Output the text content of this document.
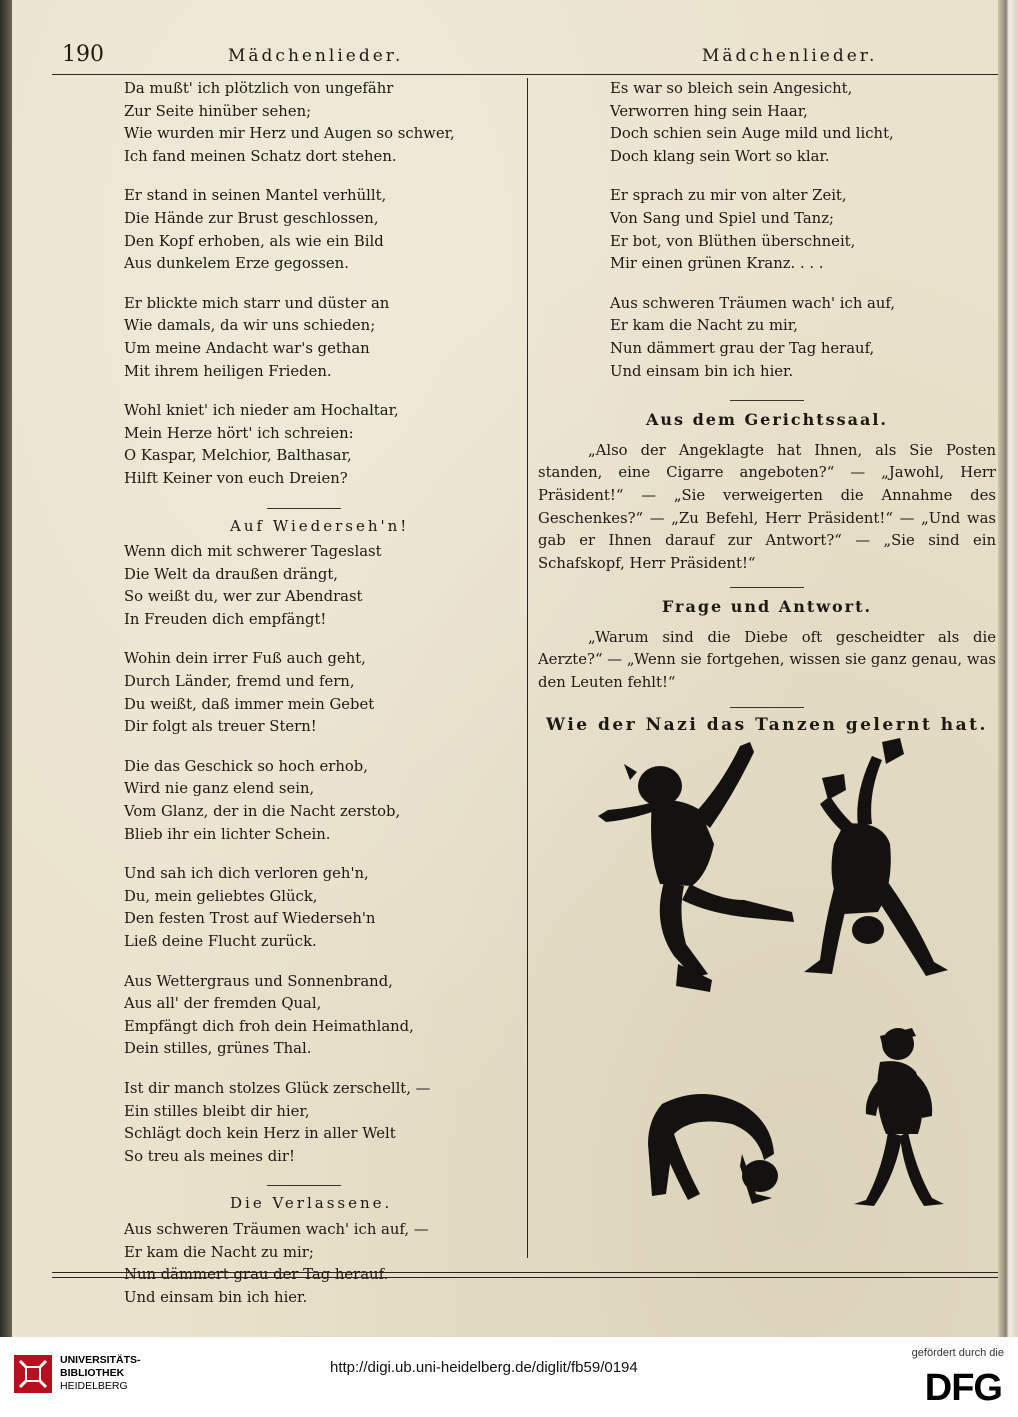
190	Mädchenlieder.	Mädchenlieder.
Da mußt' ich plötzlich von ungefähr
Zur Seite hinüber sehen;
Wie wurden mir Herz und Augen so schwer,
Ich fand meinen Schatz dort stehen.
Er stand in seinen Mantel verhüllt,
Die Hände zur Brust geschlossen,
Den Kopf erhoben, als wie ein Bild
Aus dunkelem Erze gegossen.
Er blickte mich starr und düster an
Wie damals, da wir uns schieden;
Um meine Andacht war's gethan
Mit ihrem heiligen Frieden.
Wohl kniet' ich nieder am Hochaltar,
Mein Herze hört' ich schreien:
O Kaspar, Melchior, Balthasar,
Hilft Keiner von euch Dreien?
Auf Wiederseh'n!
Wenn dich mit schwerer Tageslast
Die Welt da draußen drängt,
So weißt du, wer zur Abendrast
In Freuden dich empfängt!
Wohin dein irrer Fuß auch geht,
Durch Länder, fremd und fern,
Du weißt, daß immer mein Gebet
Dir folgt als treuer Stern!
Die das Geschick so hoch erhob,
Wird nie ganz elend sein,
Vom Glanz, der in die Nacht zerstob,
Blieb ihr ein lichter Schein.
Und sah ich dich verloren geh'n,
Du, mein geliebtes Glück,
Den festen Trost auf Wiederseh'n
Ließ deine Flucht zurück.
Aus Wettergraus und Sonnenbrand,
Aus all' der fremden Qual,
Empfängt dich froh dein Heimathland,
Dein stilles, grünes Thal.
Ist dir manch stolzes Glück zerschellt, —
Ein stilles bleibt dir hier,
Schlägt doch kein Herz in aller Welt
So treu als meines dir!
Die Verlassene.
Aus schweren Träumen wach' ich auf, —
Er kam die Nacht zu mir;
Nun dämmert grau der Tag herauf.
Und einsam bin ich hier.
Es war so bleich sein Angesicht,
Verworren hing sein Haar,
Doch schien sein Auge mild und licht,
Doch klang sein Wort so klar.
Er sprach zu mir von alter Zeit,
Von Sang und Spiel und Tanz;
Er bot, von Blüthen überschneit,
Mir einen grünen Kranz. . . .
Aus schweren Träumen wach' ich auf,
Er kam die Nacht zu mir,
Nun dämmert grau der Tag herauf,
Und einsam bin ich hier.
Aus dem Gerichtssaal.

„Also der Angeklagte hat Ihnen, als Sie Posten standen, eine Cigarre angeboten?“ — „Jawohl, Herr Präsident!“ — „Sie verweigerten die Annahme des Geschenkes?“ — „Zu Befehl, Herr Präsident!“ — „Und was gab er Ihnen darauf zur Antwort?“ — „Sie sind ein Schafskopf, Herr Präsident!“

Frage und Antwort.

„Warum sind die Diebe oft gescheidter als die Aerzte?“ — „Wenn sie fortgehen, wissen sie ganz genau, was den Leuten fehlt!“

Wie der Nazi das Tanzen gelernt hat.
UNIVERSITÄTS-
BIBLIOTHEK
HEIDELBERG
http://digi.ub.uni-heidelberg.de/diglit/fb59/0194
gefördert durch die
DFG
